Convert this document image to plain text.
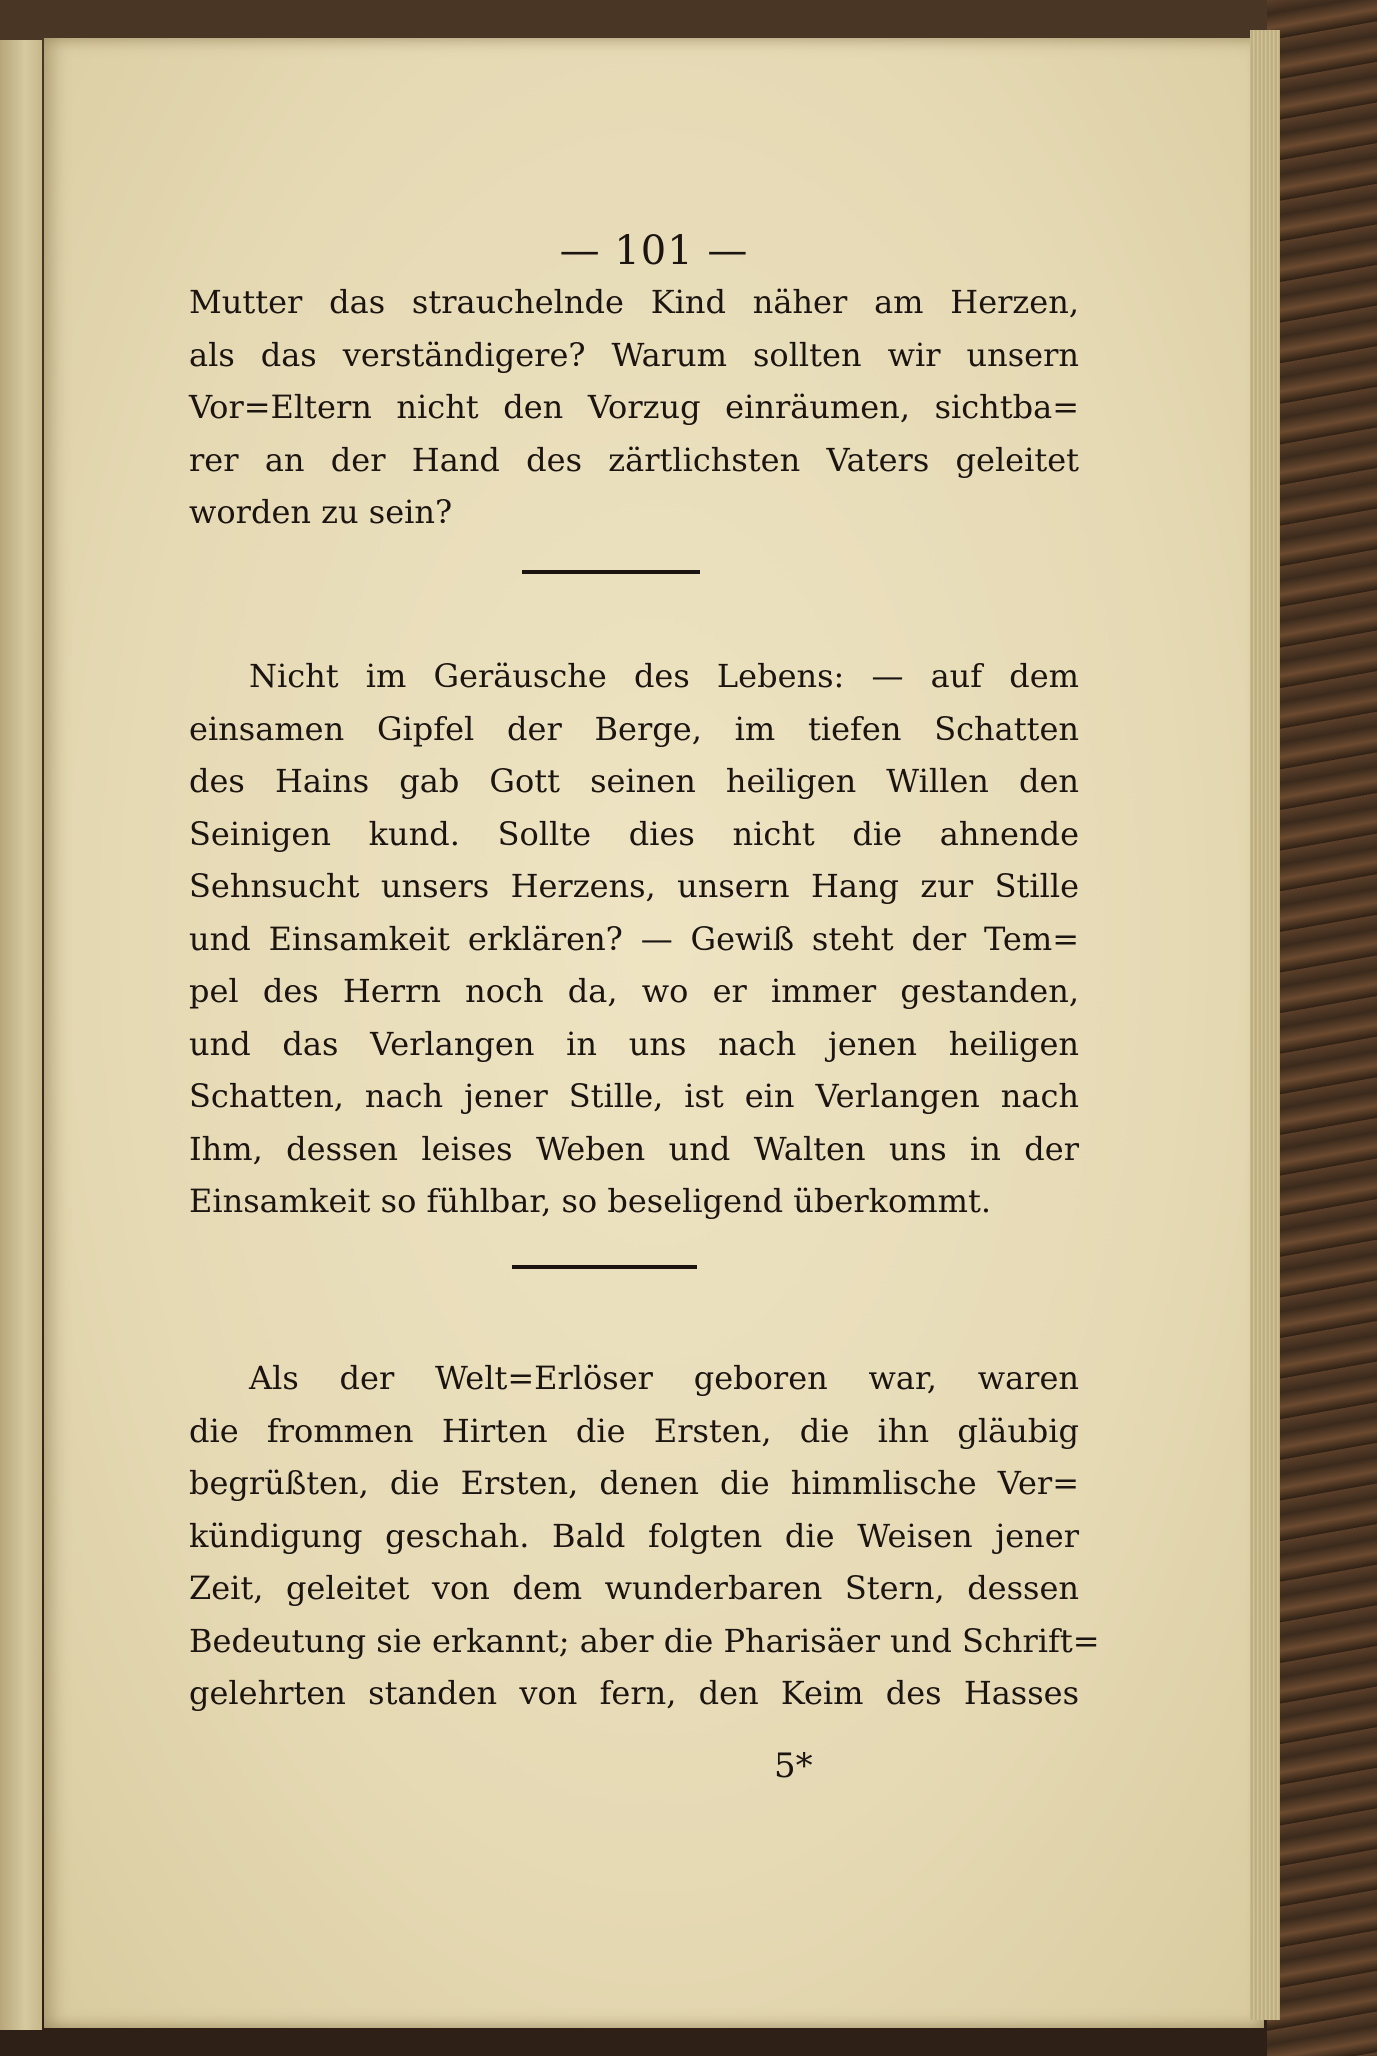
— 101 —
Mutter das strauchelnde Kind näher am Herzen,
als das verständigere? Warum sollten wir unsern
Vor=Eltern nicht den Vorzug einräumen, sichtba=
rer an der Hand des zärtlichsten Vaters geleitet
worden zu sein?
Nicht im Geräusche des Lebens: — auf dem
einsamen Gipfel der Berge, im tiefen Schatten
des Hains gab Gott seinen heiligen Willen den
Seinigen kund. Sollte dies nicht die ahnende
Sehnsucht unsers Herzens, unsern Hang zur Stille
und Einsamkeit erklären? — Gewiß steht der Tem=
pel des Herrn noch da, wo er immer gestanden,
und das Verlangen in uns nach jenen heiligen
Schatten, nach jener Stille, ist ein Verlangen nach
Ihm, dessen leises Weben und Walten uns in der
Einsamkeit so fühlbar, so beseligend überkommt.
Als der Welt=Erlöser geboren war, waren
die frommen Hirten die Ersten, die ihn gläubig
begrüßten, die Ersten, denen die himmlische Ver=
kündigung geschah. Bald folgten die Weisen jener
Zeit, geleitet von dem wunderbaren Stern, dessen
Bedeutung sie erkannt; aber die Pharisäer und Schrift=
gelehrten standen von fern, den Keim des Hasses
5*
